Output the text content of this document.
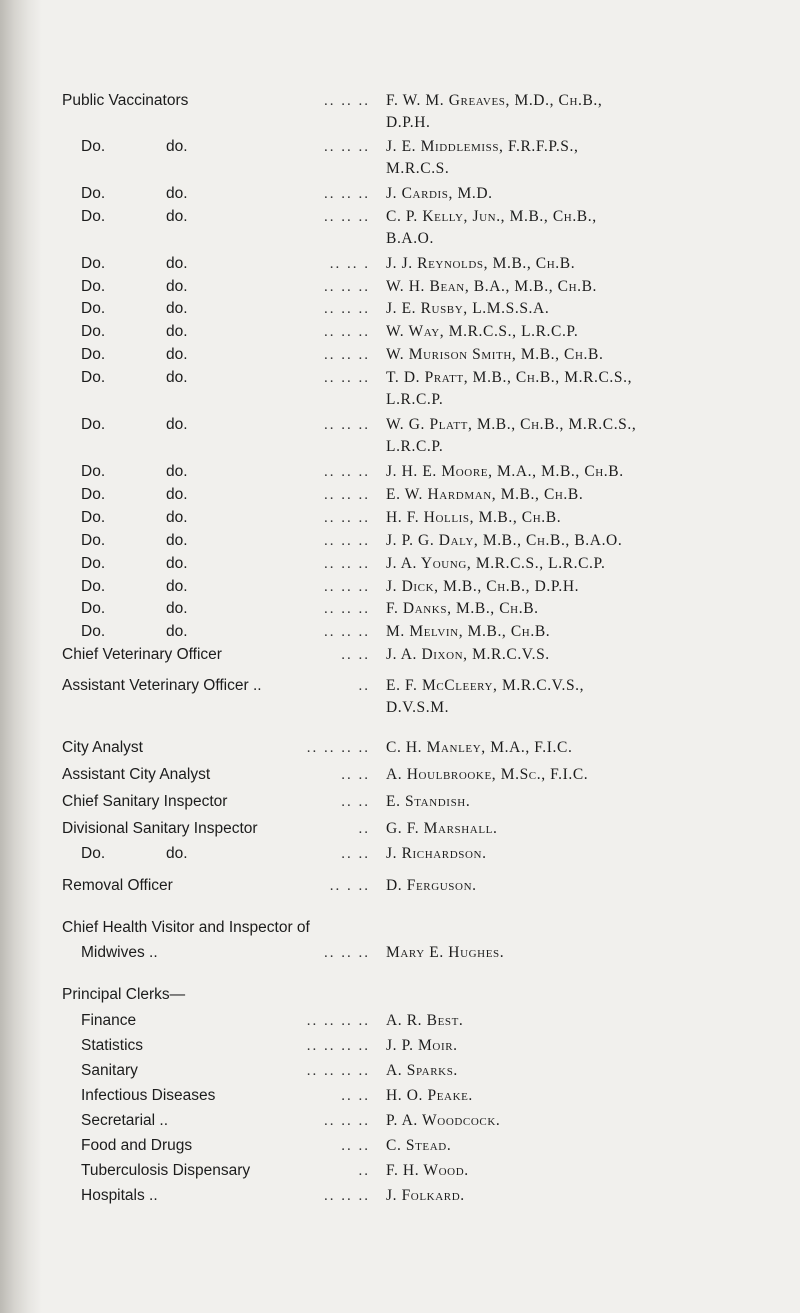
Public Vaccinators	.. .. .. F. W. M. Greaves, M.D., Ch.B.,
D.P.H.
Do.	do.	.. .. .. J. E. Middlemiss, F.R.F.P.S.,
M.R.C.S.
Do.	do.	.. .. .. J. Cardis, M.D.
Do.	do.	.. .. .. C. P. Kelly, Jun., M.B., Ch.B.,
B.A.O.
Do.	do.	.. .. . J. J. Reynolds, M.B., Ch.B.
Do.	do.	.. .. .. W. H. Bean, B.A., M.B., Ch.B.
Do.	do.	.. .. .. J. E. Rusby, L.M.S.S.A.
Do.	do.	.. .. .. W. Way, M.R.C.S., L.R.C.P.
Do.	do.	.. .. .. W. Murison Smith, M.B., Ch.B.
Do.	do.	.. .. .. T. D. Pratt, M.B., Ch.B., M.R.C.S.,
L.R.C.P.
Do.	do.	.. .. .. W. G. Platt, M.B., Ch.B., M.R.C.S.,
L.R.C.P.
Do.	do.	.. .. .. J. H. E. Moore, M.A., M.B., Ch.B.
Do.	do.	.. .. .. E. W. Hardman, M.B., Ch.B.
Do.	do.	.. .. .. H. F. Hollis, M.B., Ch.B.
Do.	do.	.. .. .. J. P. G. Daly, M.B., Ch.B., B.A.O.
Do.	do.	.. .. .. J. A. Young, M.R.C.S., L.R.C.P.
Do.	do.	.. .. .. J. Dick, M.B., Ch.B., D.P.H.
Do.	do.	.. .. .. F. Danks, M.B., Ch.B.
Do.	do.	.. .. .. M. Melvin, M.B., Ch.B.
Chief Veterinary Officer	.. .. J. A. Dixon, M.R.C.V.S.
Assistant Veterinary Officer ..	.. E. F. McCleery, M.R.C.V.S.,
D.V.S.M.
City Analyst	.. .. .. .. C. H. Manley, M.A., F.I.C.
Assistant City Analyst	.. .. A. Houlbrooke, M.Sc., F.I.C.
Chief Sanitary Inspector	.. .. E. Standish.
Divisional Sanitary Inspector	.. G. F. Marshall.
Do.	do.	.. .. J. Richardson.
Removal Officer	.. . .. D. Ferguson.
Chief Health Visitor and Inspector of
Midwives ..	.. .. .. Mary E. Hughes.
Principal Clerks—
Finance	.. .. .. .. A. R. Best.
Statistics	.. .. .. .. J. P. Moir.
Sanitary	.. .. .. .. A. Sparks.
Infectious Diseases	.. .. H. O. Peake.
Secretarial ..	.. .. .. P. A. Woodcock.
Food and Drugs	.. .. C. Stead.
Tuberculosis Dispensary	.. F. H. Wood.
Hospitals ..	.. .. .. J. Folkard.
